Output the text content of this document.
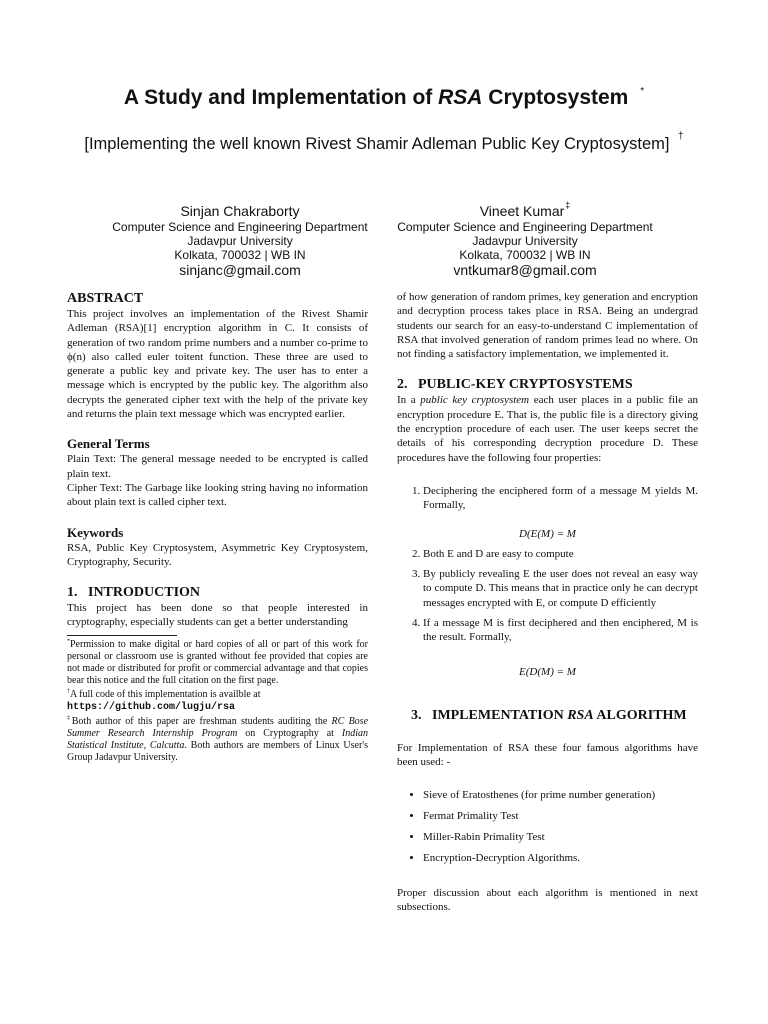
A Study and Implementation of RSA Cryptosystem *
[Implementing the well known Rivest Shamir Adleman Public Key Cryptosystem] †
Sinjan Chakraborty
Computer Science and Engineering Department
Jadavpur University
Kolkata, 700032 | WB IN
sinjanc@gmail.com
Vineet Kumar‡
Computer Science and Engineering Department
Jadavpur University
Kolkata, 700032 | WB IN
vntkumar8@gmail.com
ABSTRACT

This project involves an implementation of the Rivest Shamir Adleman (RSA)[1] encryption algorithm in C. It consists of generation of two random prime numbers and a number co-prime to ϕ(n) also called euler toitent function. These three are used to generate a public key and private key. The user has to enter a message which is encrypted by the public key. The algorithm also decrypts the generated cipher text with the help of the private key and returns the plain text message which was encrypted earlier.

General Terms

Plain Text: The general message needed to be encrypted is called plain text.

Cipher Text: The Garbage like looking string having no information about plain text is called cipher text.

Keywords

RSA, Public Key Cryptosystem, Asymmetric Key Cryptosystem, Cryptography, Security.

1.   INTRODUCTION

This project has been done so that people interested in cryptography, especially students can get a better understanding

*Permission to make digital or hard copies of all or part of this work for personal or classroom use is granted without fee provided that copies are not made or distributed for profit or commercial advantage and that copies bear this notice and the full citation on the first page.

†A full code of this implementation is availble at
https://github.com/lugju/rsa

‡Both author of this paper are freshman students auditing the RC Bose Summer Research Internship Program on Cryptography at Indian Statistical Institute, Calcutta. Both authors are members of Linux User's Group Jadavpur University.

of how generation of random primes, key generation and encryption and decryption process takes place in RSA. Being an undergrad students our search for an easy-to-understand C implementation of RSA that involved generation of random primes lead no where. On not finding a satisfactory implementation, we implemented it.

2.   PUBLIC-KEY CRYPTOSYSTEMS

In a public key cryptosystem each user places in a public file an encryption procedure E. That is, the public file is a directory giving the encryption procedure of each user. The user keeps secret the details of his corresponding decryption procedure D. These procedures have the following four properties:

1. Deciphering the enciphered form of a message M yields M. Formally,
D(E(M) = M
2. Both E and D are easy to compute
3. By publicly revealing E the user does not reveal an easy way to compute D. This means that in practice only he can decrypt messages encrypted with E, or compute D efficiently
4. If a message M is first deciphered and then enciphered, M is the result. Formally,
E(D(M) = M

3.   IMPLEMENTATION RSA ALGORITHM

For Implementation of RSA these four famous algorithms have been used: -

• Sieve of Eratosthenes (for prime number generation)
• Fermat Primality Test
• Miller-Rabin Primality Test
• Encryption-Decryption Algorithms.

Proper discussion about each algorithm is mentioned in next subsections.
